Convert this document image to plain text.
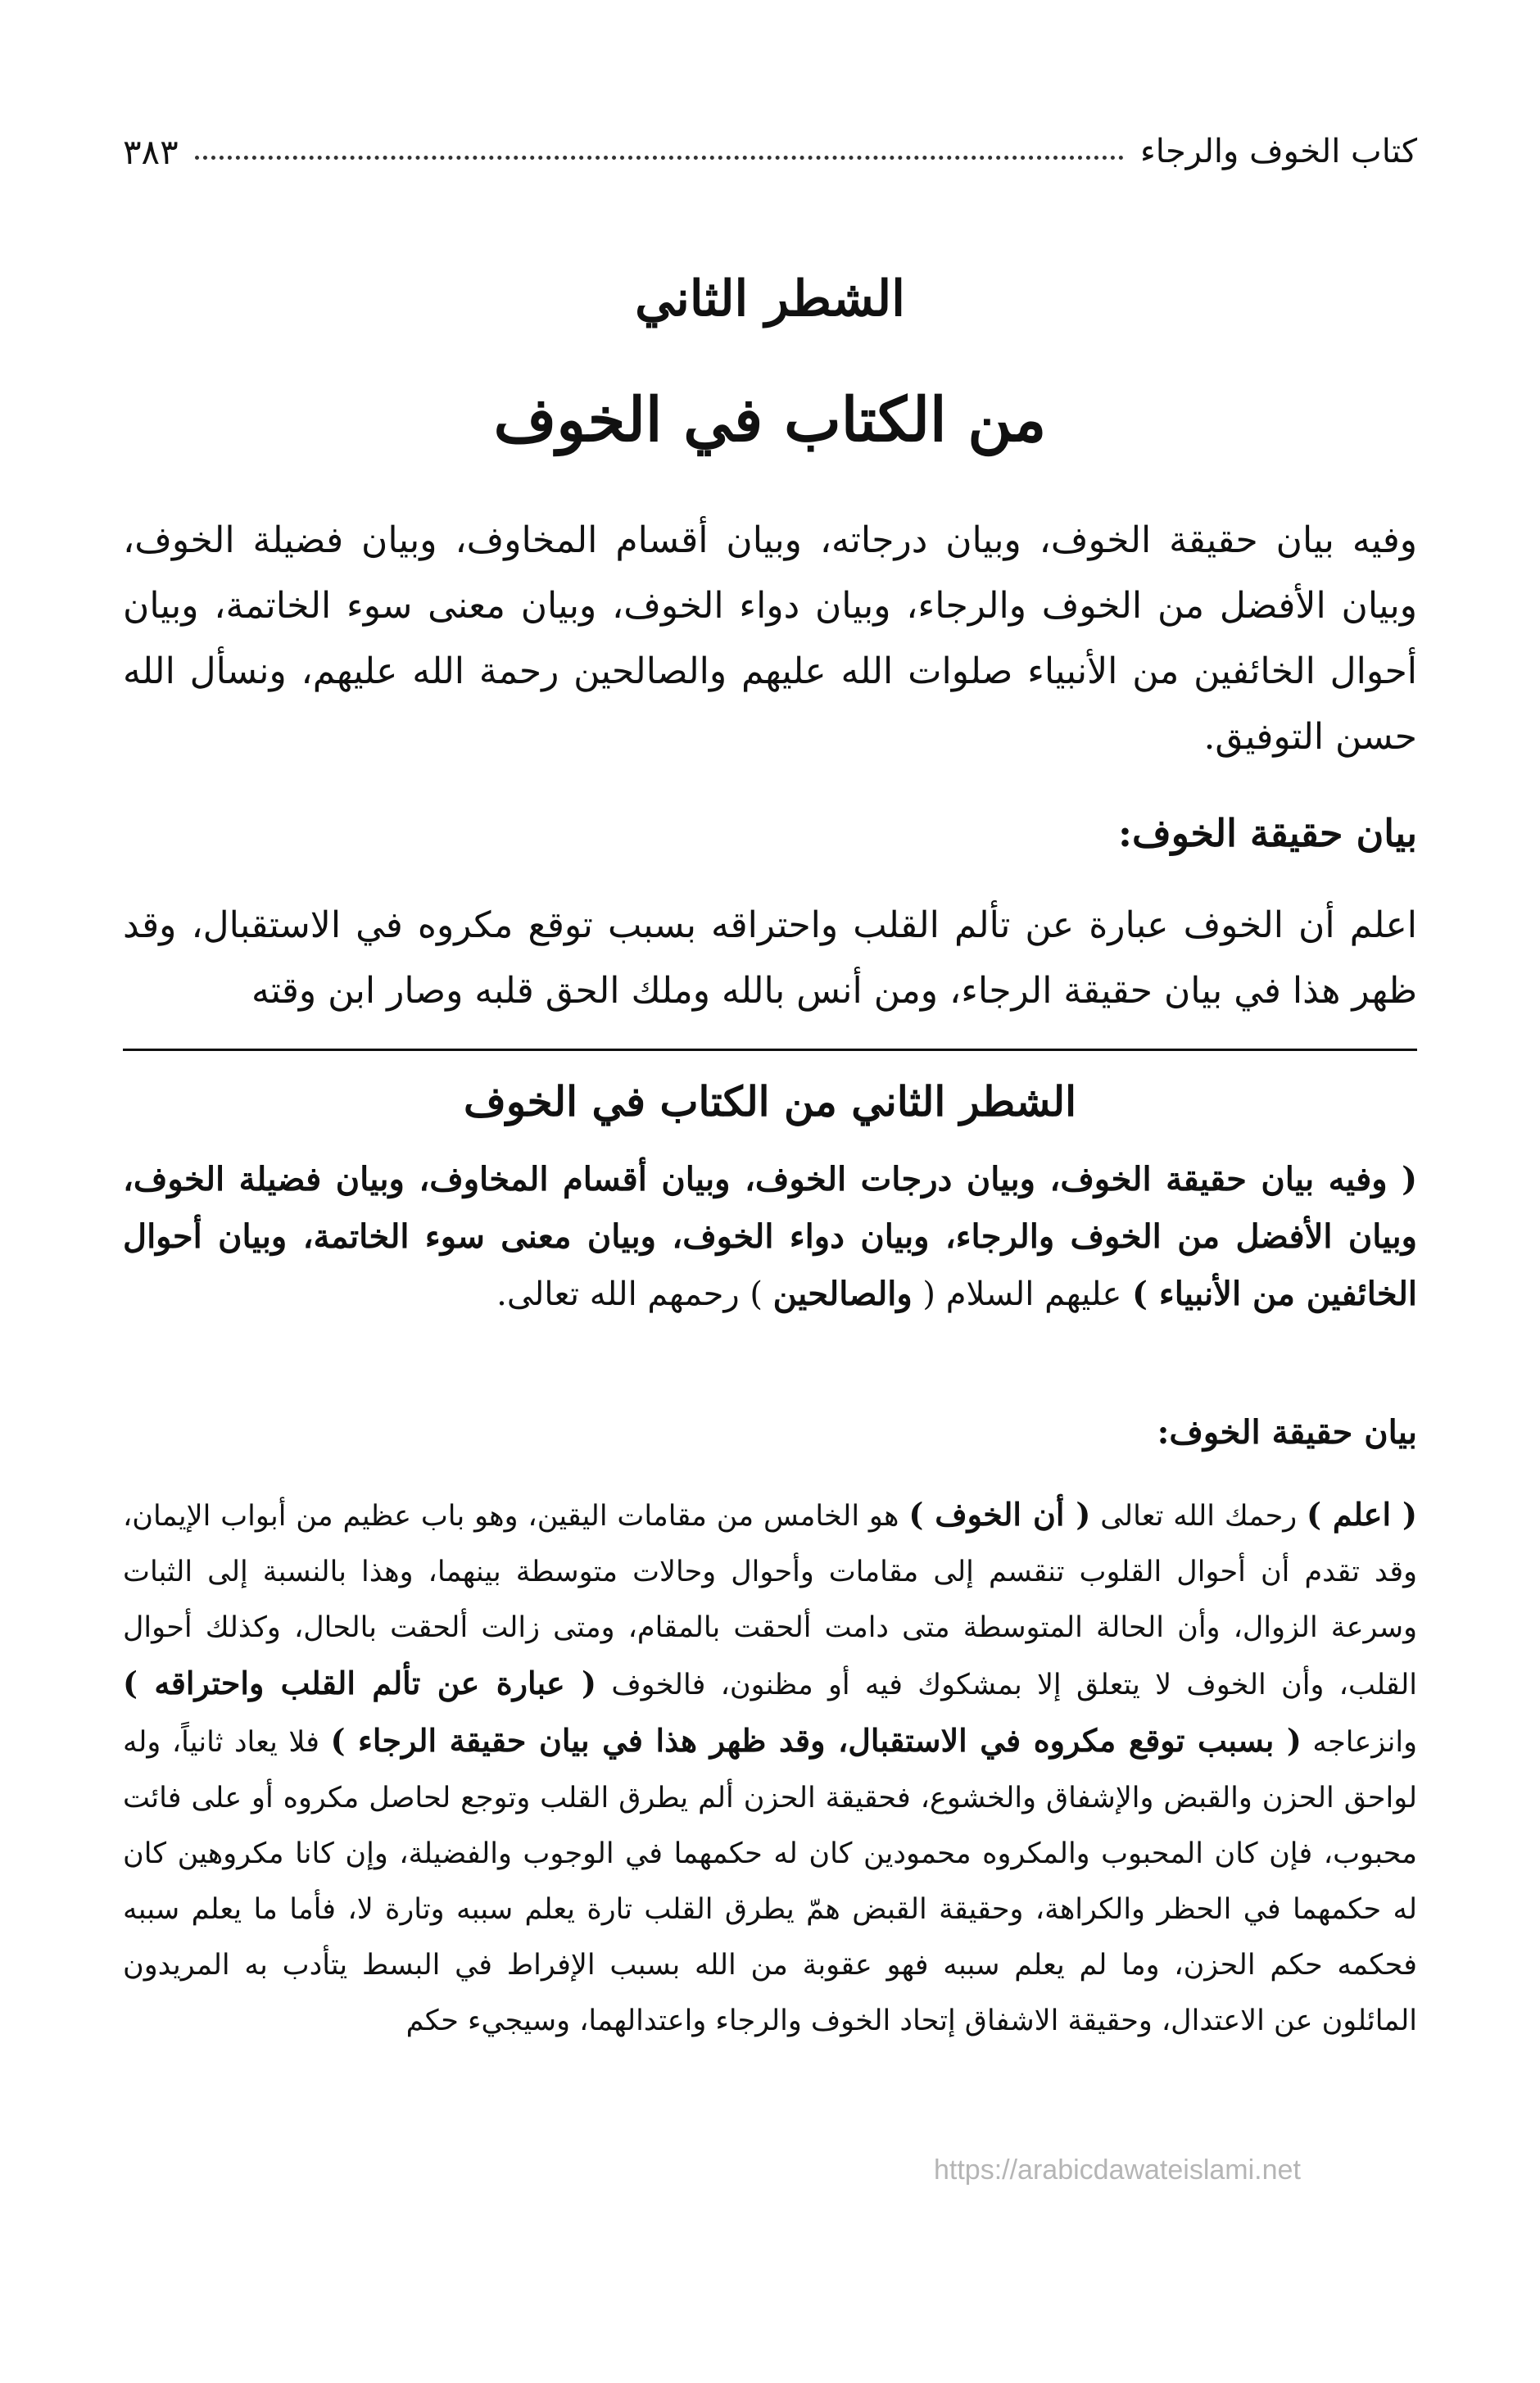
كتاب الخوف والرجاء
٣٨٣
الشطر الثاني
من الكتاب في الخوف

وفيه بيان حقيقة الخوف، وبيان درجاته، وبيان أقسام المخاوف، وبيان فضيلة الخوف، وبيان الأفضل من الخوف والرجاء، وبيان دواء الخوف، وبيان معنى سوء الخاتمة، وبيان أحوال الخائفين من الأنبياء صلوات الله عليهم والصالحين رحمة الله عليهم، ونسأل الله حسن التوفيق.

بيان حقيقة الخوف:

اعلم أن الخوف عبارة عن تألم القلب واحتراقه بسبب توقع مكروه في الاستقبال، وقد ظهر هذا في بيان حقيقة الرجاء، ومن أنس بالله وملك الحق قلبه وصار ابن وقته

الشطر الثاني من الكتاب في الخوف

( وفيه بيان حقيقة الخوف، وبيان درجات الخوف، وبيان أقسام المخاوف، وبيان فضيلة الخوف، وبيان الأفضل من الخوف والرجاء، وبيان دواء الخوف، وبيان معنى سوء الخاتمة، وبيان أحوال الخائفين من الأنبياء ) عليهم السلام ( والصالحين ) رحمهم الله تعالى.

بيان حقيقة الخوف:

( اعلم ) رحمك الله تعالى ( أن الخوف ) هو الخامس من مقامات اليقين، وهو باب عظيم من أبواب الإيمان، وقد تقدم أن أحوال القلوب تنقسم إلى مقامات وأحوال وحالات متوسطة بينهما، وهذا بالنسبة إلى الثبات وسرعة الزوال، وأن الحالة المتوسطة متى دامت ألحقت بالمقام، ومتى زالت ألحقت بالحال، وكذلك أحوال القلب، وأن الخوف لا يتعلق إلا بمشكوك فيه أو مظنون، فالخوف ( عبارة عن تألم القلب واحتراقه ) وانزعاجه ( بسبب توقع مكروه في الاستقبال، وقد ظهر هذا في بيان حقيقة الرجاء ) فلا يعاد ثانياً، وله لواحق الحزن والقبض والإشفاق والخشوع، فحقيقة الحزن ألم يطرق القلب وتوجع لحاصل مكروه أو على فائت محبوب، فإن كان المحبوب والمكروه محمودين كان له حكمهما في الوجوب والفضيلة، وإن كانا مكروهين كان له حكمهما في الحظر والكراهة، وحقيقة القبض همّ يطرق القلب تارة يعلم سببه وتارة لا، فأما ما يعلم سببه فحكمه حكم الحزن، وما لم يعلم سببه فهو عقوبة من الله بسبب الإفراط في البسط يتأدب به المريدون المائلون عن الاعتدال، وحقيقة الاشفاق إتحاد الخوف والرجاء واعتدالهما، وسيجيء حكم

https://arabicdawateislami.net
